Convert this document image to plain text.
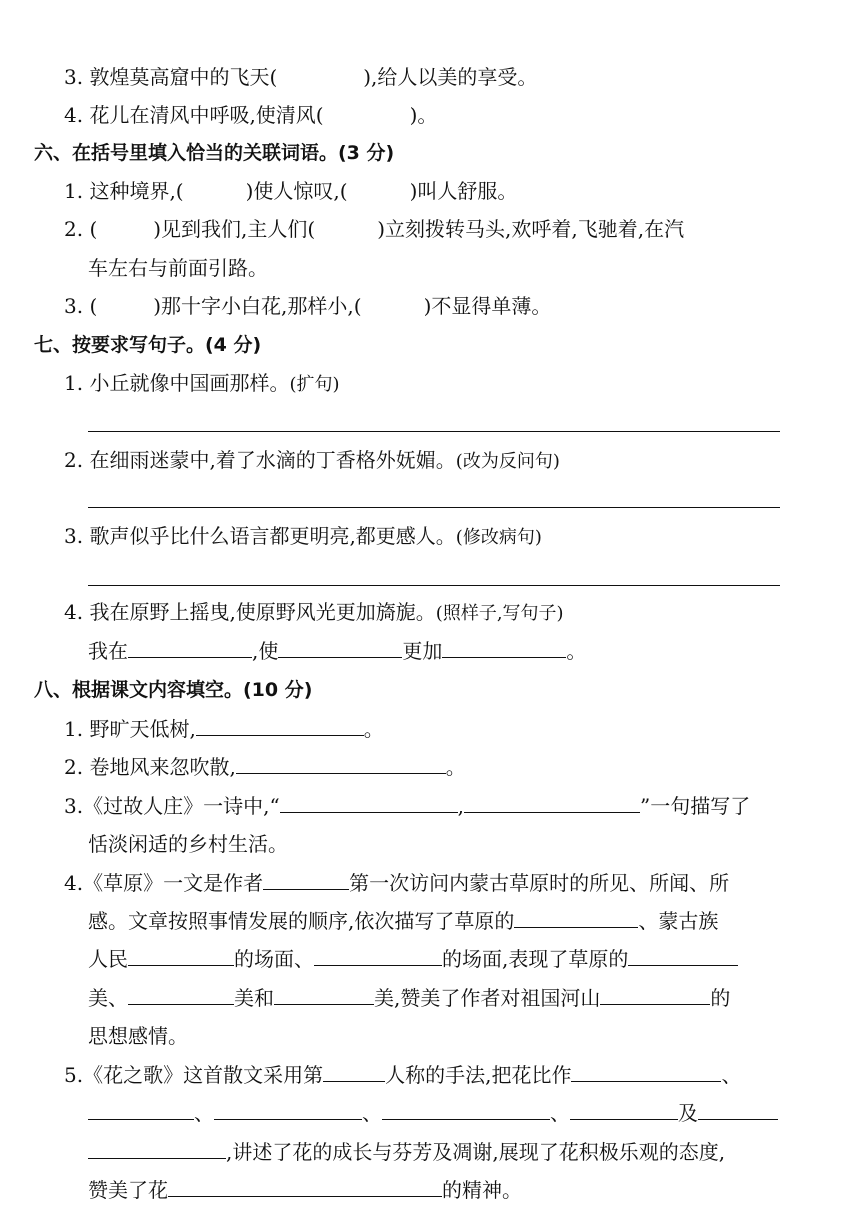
3. 敦煌莫高窟中的飞天(	),给人以美的享受。
4. 花儿在清风中呼吸,使清风(	)。
六、在括号里填入恰当的关联词语。(3 分)
1. 这种境界,(	)使人惊叹,(	)叫人舒服。
2. (	)见到我们,主人们(	)立刻拨转马头,欢呼着,飞驰着,在汽
车左右与前面引路。
3. (	)那十字小白花,那样小,(	)不显得单薄。
七、按要求写句子。(4 分)
1. 小丘就像中国画那样。(扩句)
2. 在细雨迷蒙中,着了水滴的丁香格外妩媚。(改为反问句)
3. 歌声似乎比什么语言都更明亮,都更感人。(修改病句)
4. 我在原野上摇曳,使原野风光更加旖旎。(照样子,写句子)
我在	,使	更加	。
八、根据课文内容填空。(10 分)
1. 野旷天低树,	。
2. 卷地风来忽吹散,	。
3.《过故人庄》一诗中,“	,	”一句描写了
恬淡闲适的乡村生活。
4.《草原》一文是作者	第一次访问内蒙古草原时的所见、所闻、所
感。文章按照事情发展的顺序,依次描写了草原的	、蒙古族
人民	的场面、	的场面,表现了草原的
美、	美和	美,赞美了作者对祖国河山	的
思想感情。
5.《花之歌》这首散文采用第	人称的手法,把花比作	、
、	、	、	及
,讲述了花的成长与芬芳及凋谢,展现了花积极乐观的态度,
赞美了花	的精神。
